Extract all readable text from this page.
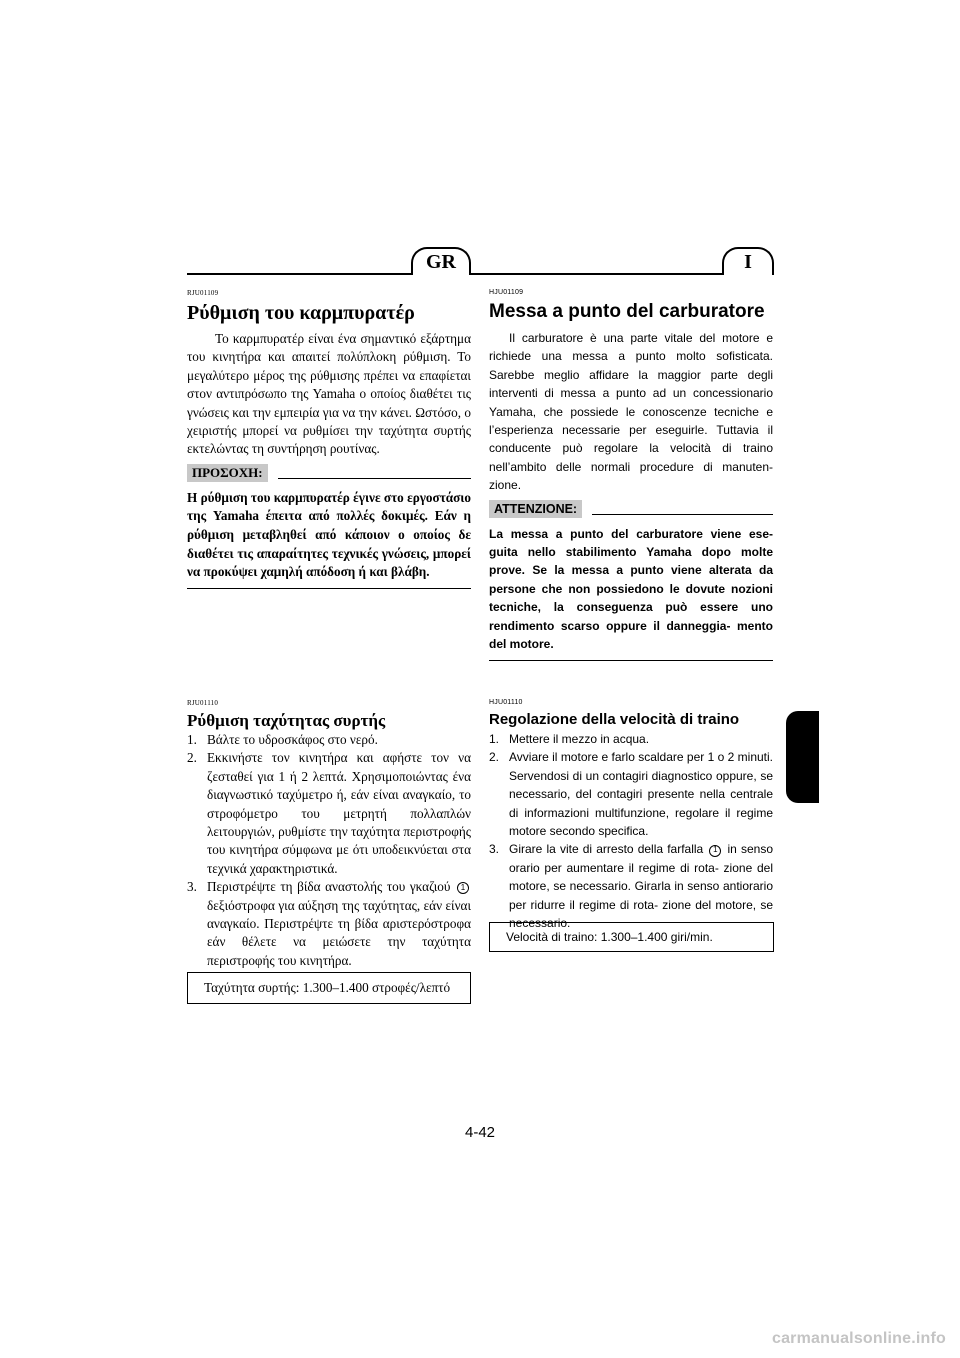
GR	I
RJU01109
Ρύθμιση του καρμπυρατέρ

Το καρμπυρατέρ είναι ένα σημαντικό εξάρτημα του κινητήρα και απαιτεί πολύπλοκη ρύθμιση. Το μεγαλύτερο μέρος της ρύθμισης πρέπει να επαφίεται στον αντιπρόσωπο της Yamaha ο οποίος διαθέτει τις γνώσεις και την εμπειρία για να την κάνει. Ωστόσο, ο χειριστής μπορεί να ρυθμίσει την ταχύτητα συρτής εκτελώντας τη συντήρηση ρουτίνας.

ΠΡΟΣΟΧΗ:

Η ρύθμιση του καρμπυρατέρ έγινε στο εργοστάσιο της Yamaha έπειτα από πολλές δοκιμές. Εάν η ρύθμιση μεταβληθεί από κάποιον ο οποίος δε διαθέτει τις απαραίτητες τεχνικές γνώσεις, μπορεί να προκύψει χαμηλή απόδοση ή και βλάβη.

HJU01109
Messa a punto del carburatore

Il carburatore è una parte vitale del motore e richiede una messa a punto molto sofisticata. Sarebbe meglio affidare la maggior parte degli interventi di messa a punto ad un concessionario Yamaha, che possiede le conoscenze tecniche e l’esperienza necessarie per eseguirle. Tuttavia il conducente può regolare la velocità di traino nell’ambito delle normali procedure di manuten- zione.

ATTENZIONE:

La messa a punto del carburatore viene ese- guita nello stabilimento Yamaha dopo molte prove. Se la messa a punto viene alterata da persone che non possiedono le dovute nozioni tecniche, la conseguenza può essere uno rendimento scarso oppure il danneggia- mento del motore.

RJU01110
Ρύθμιση ταχύτητας συρτής
1. Βάλτε το υδροσκάφος στο νερό.
2. Εκκινήστε τον κινητήρα και αφήστε τον να ζεσταθεί για 1 ή 2 λεπτά. Χρησιμοποιώντας ένα διαγνωστικό ταχύμετρο ή, εάν είναι αναγκαίο, το στροφόμετρο του μετρητή πολλαπλών λειτουργιών, ρυθμίστε την ταχύτητα περιστροφής του κινητήρα σύμφωνα με ότι υποδεικνύεται στα τεχνικά χαρακτηριστικά.
3. Περιστρέψτε τη βίδα αναστολής του γκαζιού 1 δεξιόστροφα για αύξηση της ταχύτητας, εάν είναι αναγκαίο. Περιστρέψτε τη βίδα αριστερόστροφα εάν θέλετε να μειώσετε την ταχύτητα περιστροφής του κινητήρα.
Ταχύτητα συρτής: 1.300–1.400 στροφές/λεπτό
HJU01110
Regolazione della velocità di traino
1. Mettere il mezzo in acqua.
2. Avviare il motore e farlo scaldare per 1 o 2 minuti. Servendosi di un contagiri diagnostico oppure, se necessario, del contagiri presente nella centrale di informazioni multifunzione, regolare il regime motore secondo specifica.
3. Girare la vite di arresto della farfalla 1 in senso orario per aumentare il regime di rota- zione del motore, se necessario. Girarla in senso antiorario per ridurre il regime di rota- zione del motore, se necessario.
Velocità di traino: 1.300–1.400 giri/min.
4-42
carmanualsonline.info
